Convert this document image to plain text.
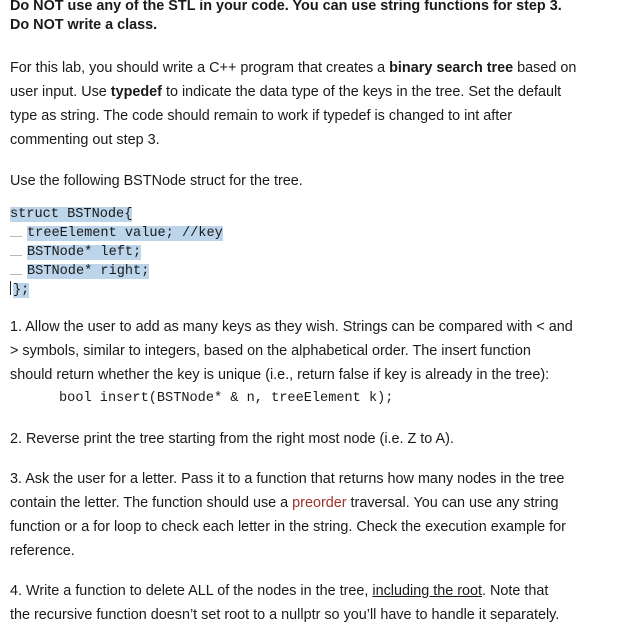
Do NOT use any of the STL in your code. You can use string functions for step 3.
Do NOT write a class.
For this lab, you should write a C++ program that creates a binary search tree based on
user input. Use typedef to indicate the data type of the keys in the tree. Set the default
type as string. The code should remain to work if typedef is changed to int after
commenting out step 3.
Use the following BSTNode struct for the tree.
struct BSTNode{
treeElement value; //key
BSTNode* left;
BSTNode* right;
};
1. Allow the user to add as many keys as they wish. Strings can be compared with < and
> symbols, similar to integers, based on the alphabetical order. The insert function
should return whether the key is unique (i.e., return false if key is already in the tree):
bool insert(BSTNode* & n, treeElement k);
2. Reverse print the tree starting from the right most node (i.e. Z to A).
3. Ask the user for a letter. Pass it to a function that returns how many nodes in the tree
contain the letter. The function should use a preorder traversal. You can use any string
function or a for loop to check each letter in the string. Check the execution example for
reference.
4. Write a function to delete ALL of the nodes in the tree, including the root. Note that
the recursive function doesn’t set root to a nullptr so you’ll have to handle it separately.
